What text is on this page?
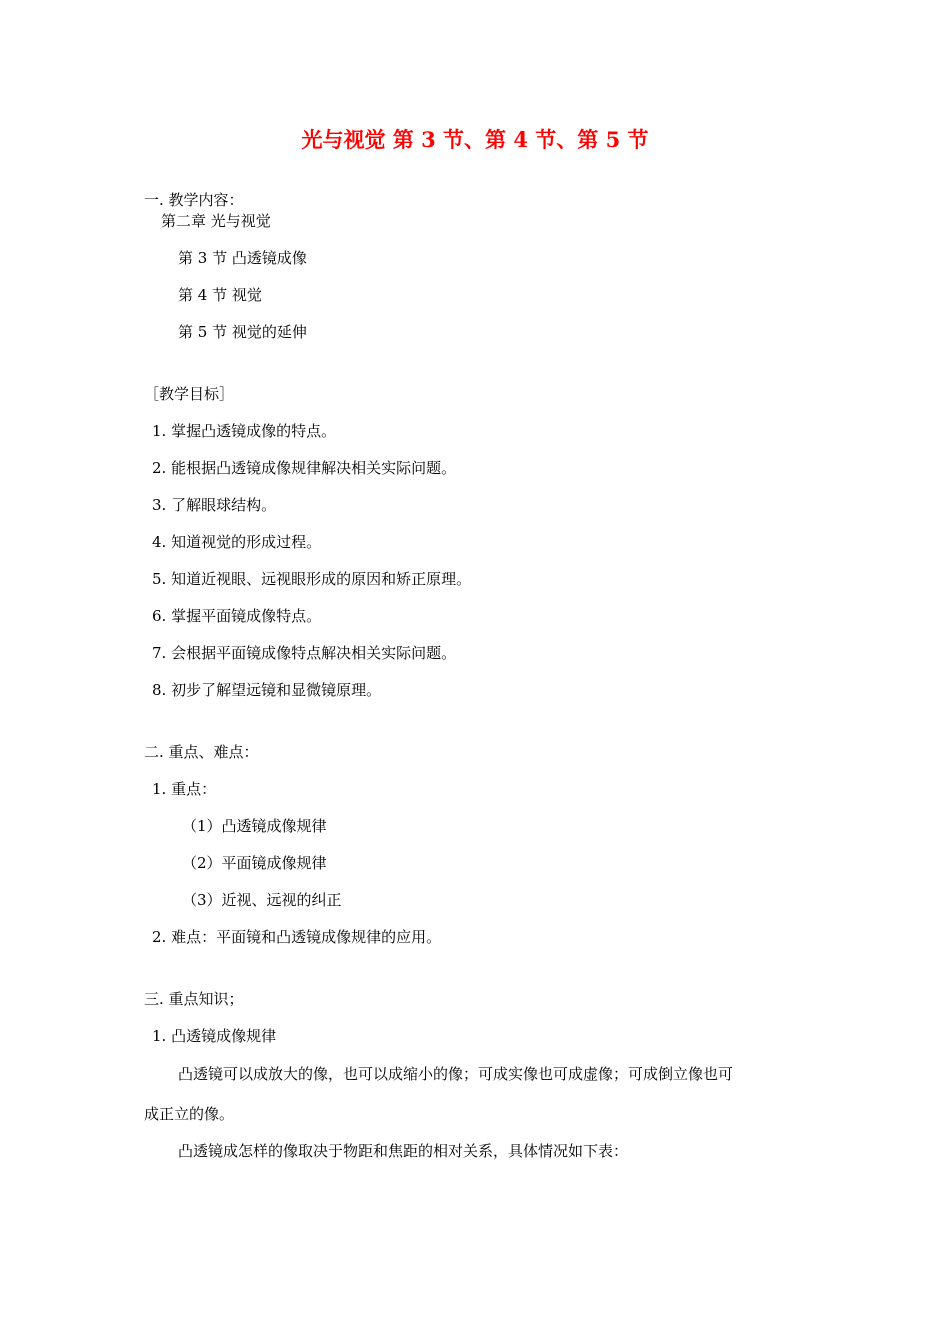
光与视觉 第 3 节、第 4 节、第 5 节
一. 教学内容：
第二章 光与视觉
第 3 节 凸透镜成像
第 4 节 视觉
第 5 节 视觉的延伸
［教学目标］
1. 掌握凸透镜成像的特点。
2. 能根据凸透镜成像规律解决相关实际问题。
3. 了解眼球结构。
4. 知道视觉的形成过程。
5. 知道近视眼、远视眼形成的原因和矫正原理。
6. 掌握平面镜成像特点。
7. 会根据平面镜成像特点解决相关实际问题。
8. 初步了解望远镜和显微镜原理。
二. 重点、难点：
1. 重点：
（1）凸透镜成像规律
（2）平面镜成像规律
（3）近视、远视的纠正
2. 难点：平面镜和凸透镜成像规律的应用。
三. 重点知识；
1. 凸透镜成像规律
凸透镜可以成放大的像，也可以成缩小的像；可成实像也可成虚像；可成倒立像也可
成正立的像。
凸透镜成怎样的像取决于物距和焦距的相对关系，具体情况如下表：
